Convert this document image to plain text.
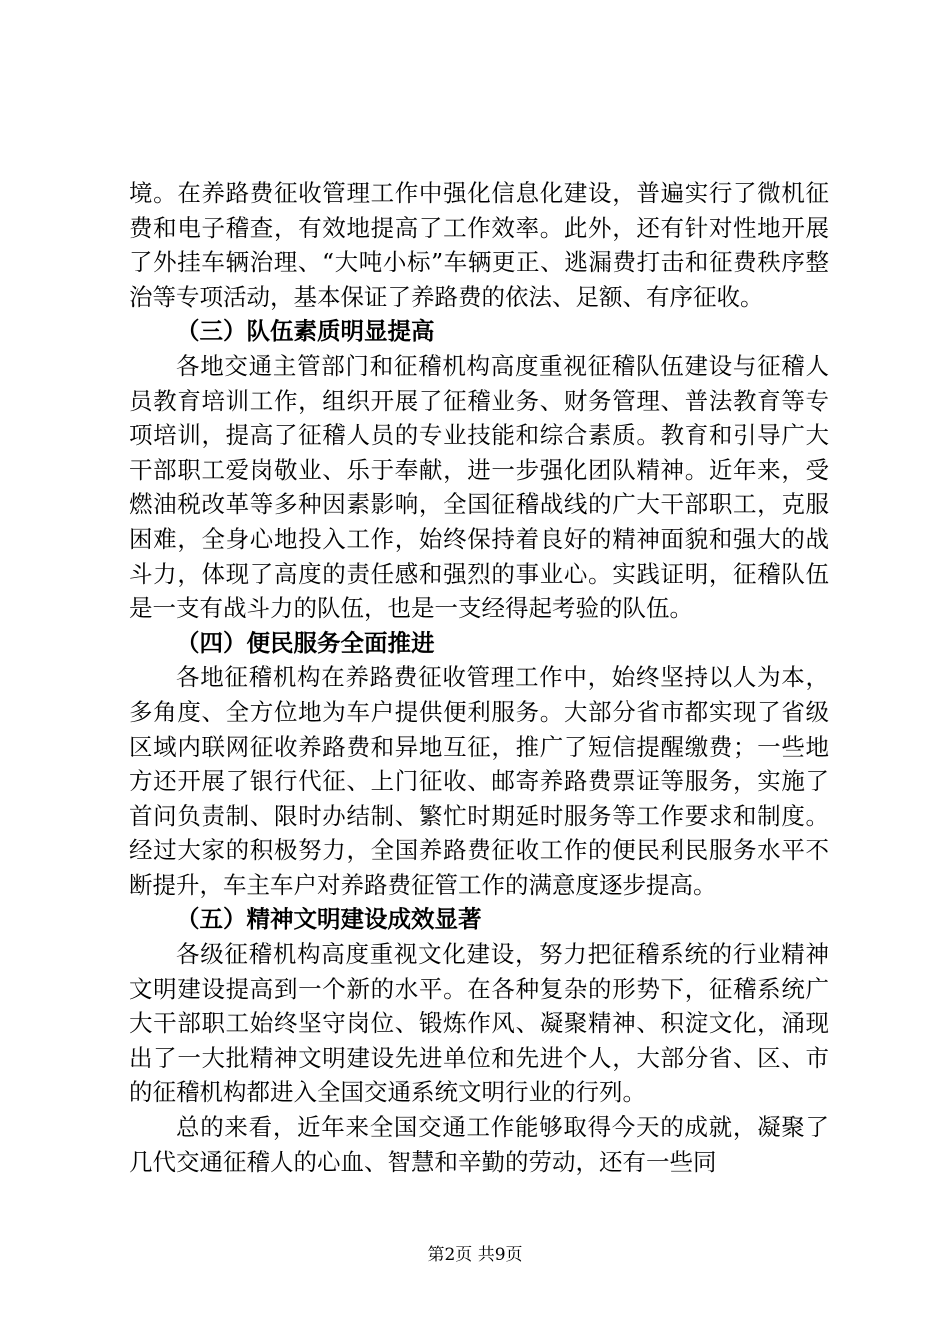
境。在养路费征收管理工作中强化信息化建设，普遍实行了微机征费和电子稽查，有效地提高了工作效率。此外，还有针对性地开展了外挂车辆治理、“大吨小标”车辆更正、逃漏费打击和征费秩序整治等专项活动，基本保证了养路费的依法、足额、有序征收。

（三）队伍素质明显提高

各地交通主管部门和征稽机构高度重视征稽队伍建设与征稽人员教育培训工作，组织开展了征稽业务、财务管理、普法教育等专项培训，提高了征稽人员的专业技能和综合素质。教育和引导广大干部职工爱岗敬业、乐于奉献，进一步强化团队精神。近年来，受燃油税改革等多种因素影响，全国征稽战线的广大干部职工，克服困难，全身心地投入工作，始终保持着良好的精神面貌和强大的战斗力，体现了高度的责任感和强烈的事业心。实践证明，征稽队伍是一支有战斗力的队伍，也是一支经得起考验的队伍。

（四）便民服务全面推进

各地征稽机构在养路费征收管理工作中，始终坚持以人为本，多角度、全方位地为车户提供便利服务。大部分省市都实现了省级区域内联网征收养路费和异地互征，推广了短信提醒缴费；一些地方还开展了银行代征、上门征收、邮寄养路费票证等服务，实施了首问负责制、限时办结制、繁忙时期延时服务等工作要求和制度。经过大家的积极努力，全国养路费征收工作的便民利民服务水平不断提升，车主车户对养路费征管工作的满意度逐步提高。

（五）精神文明建设成效显著

各级征稽机构高度重视文化建设，努力把征稽系统的行业精神文明建设提高到一个新的水平。在各种复杂的形势下，征稽系统广大干部职工始终坚守岗位、锻炼作风、凝聚精神、积淀文化，涌现出了一大批精神文明建设先进单位和先进个人，大部分省、区、市的征稽机构都进入全国交通系统文明行业的行列。

总的来看，近年来全国交通工作能够取得今天的成就，凝聚了几代交通征稽人的心血、智慧和辛勤的劳动，还有一些同

第2页 共9页
